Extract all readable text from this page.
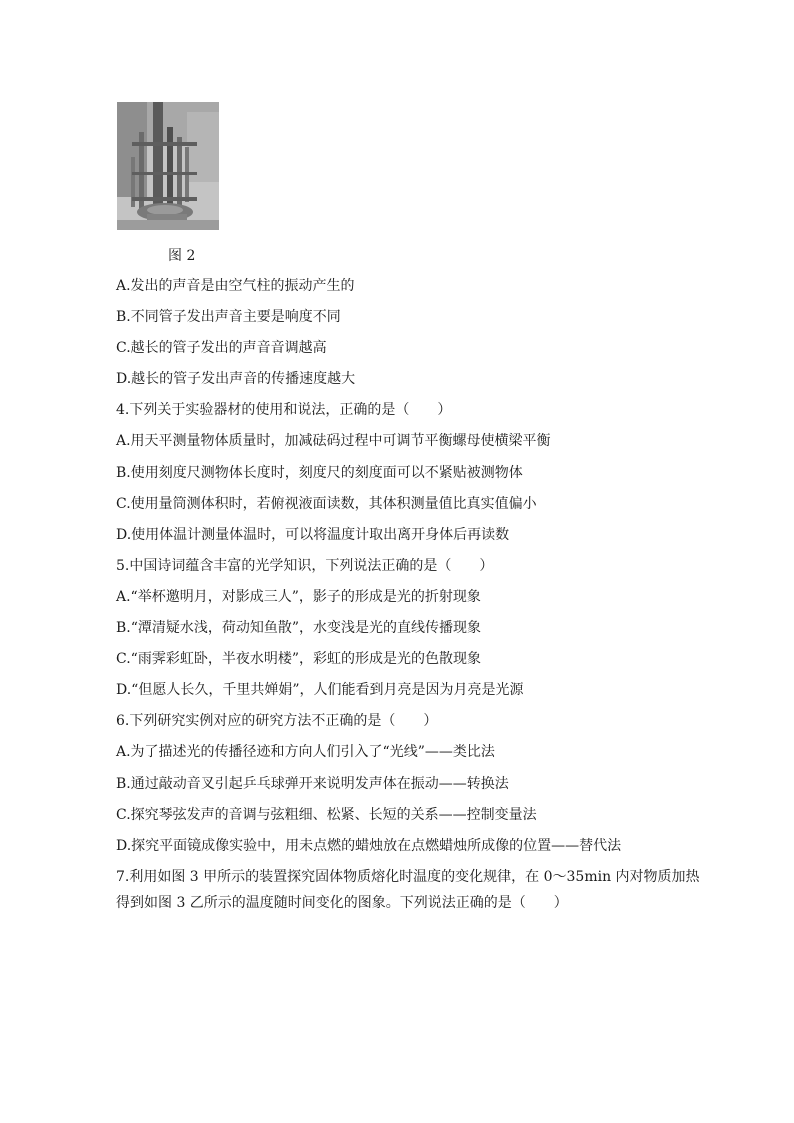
图 2
A.发出的声音是由空气柱的振动产生的
B.不同管子发出声音主要是响度不同
C.越长的管子发出的声音音调越高
D.越长的管子发出声音的传播速度越大
4.下列关于实验器材的使用和说法，正确的是（　　）
A.用天平测量物体质量时，加减砝码过程中可调节平衡螺母使横梁平衡
B.使用刻度尺测物体长度时，刻度尺的刻度面可以不紧贴被测物体
C.使用量筒测体积时，若俯视液面读数，其体积测量值比真实值偏小
D.使用体温计测量体温时，可以将温度计取出离开身体后再读数
5.中国诗词蕴含丰富的光学知识，下列说法正确的是（　　）
A.“举杯邀明月，对影成三人”，影子的形成是光的折射现象
B.“潭清疑水浅，荷动知鱼散”，水变浅是光的直线传播现象
C.“雨霁彩虹卧，半夜水明楼”，彩虹的形成是光的色散现象
D.“但愿人长久，千里共婵娟”，人们能看到月亮是因为月亮是光源
6.下列研究实例对应的研究方法不正确的是（　　）
A.为了描述光的传播径迹和方向人们引入了“光线”——类比法
B.通过敲动音叉引起乒乓球弹开来说明发声体在振动——转换法
C.探究琴弦发声的音调与弦粗细、松紧、长短的关系——控制变量法
D.探究平面镜成像实验中，用未点燃的蜡烛放在点燃蜡烛所成像的位置——替代法
7.利用如图 3 甲所示的装置探究固体物质熔化时温度的变化规律，在 0～35min 内对物质加热
得到如图 3 乙所示的温度随时间变化的图象。下列说法正确的是（　　）
